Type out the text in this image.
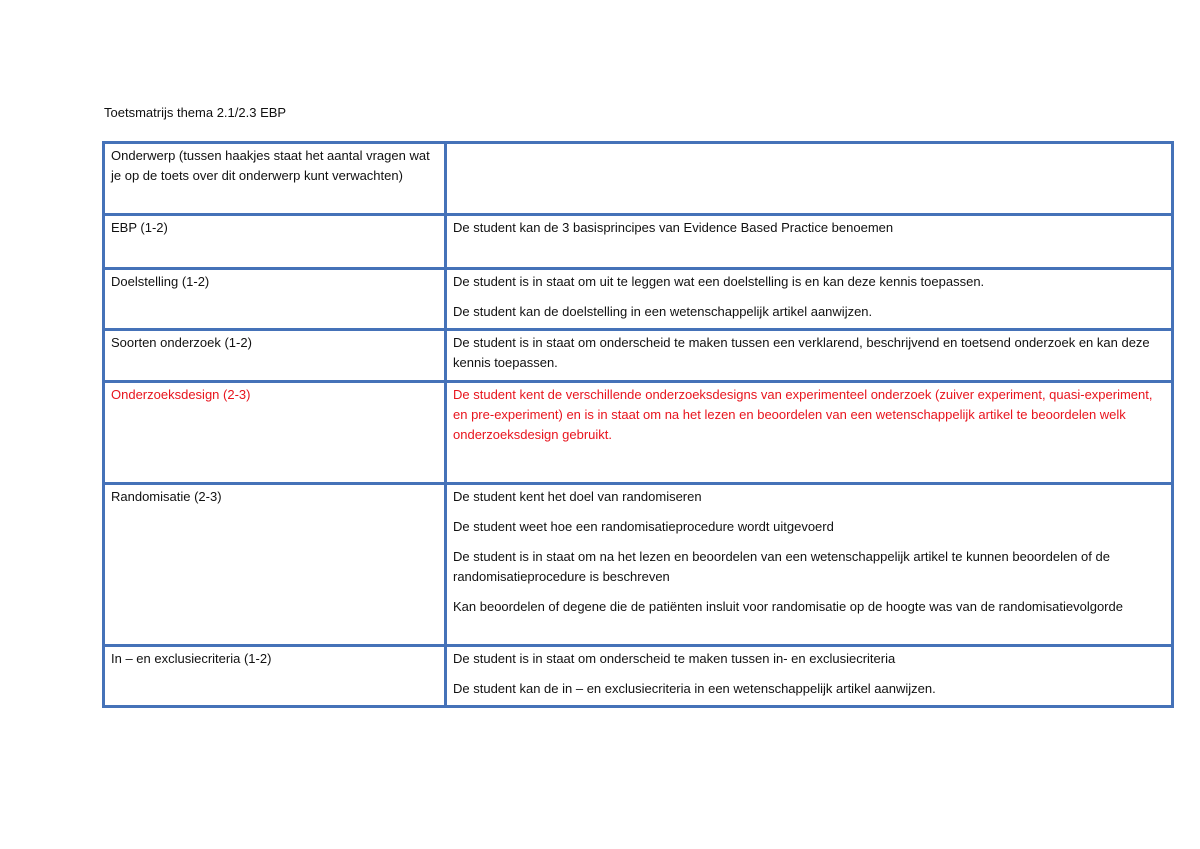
Toetsmatrijs thema 2.1/2.3 EBP
Onderwerp (tussen haakjes staat het aantal vragen wat je op de toets over dit onderwerp kunt verwachten)	
EBP (1-2)	De student kan de 3 basisprincipes van Evidence Based Practice benoemen

Doelstelling (1-2)	De student is in staat om uit te leggen wat een doelstelling is en kan deze kennis toepassen.
De student kan de doelstelling in een wetenschappelijk artikel aanwijzen.

Soorten onderzoek (1-2)	De student is in staat om onderscheid te maken tussen een verklarend, beschrijvend en toetsend onderzoek en kan deze kennis toepassen.

Onderzoeksdesign (2-3)	De student kent de verschillende onderzoeksdesigns van experimenteel onderzoek (zuiver experiment, quasi-experiment, en pre-experiment) en is in staat om na het lezen en beoordelen van een wetenschappelijk artikel te beoordelen welk onderzoeksdesign gebruikt.

Randomisatie (2-3)	De student kent het doel van randomiseren
De student weet hoe een randomisatieprocedure wordt uitgevoerd
De student is in staat om na het lezen en beoordelen van een wetenschappelijk artikel te kunnen beoordelen of de randomisatieprocedure is beschreven
Kan beoordelen of degene die de patiënten insluit voor randomisatie op de hoogte was van de randomisatievolgorde

In – en exclusiecriteria (1-2)	De student is in staat om onderscheid te maken tussen in- en exclusiecriteria
De student kan de in – en exclusiecriteria in een wetenschappelijk artikel aanwijzen.
